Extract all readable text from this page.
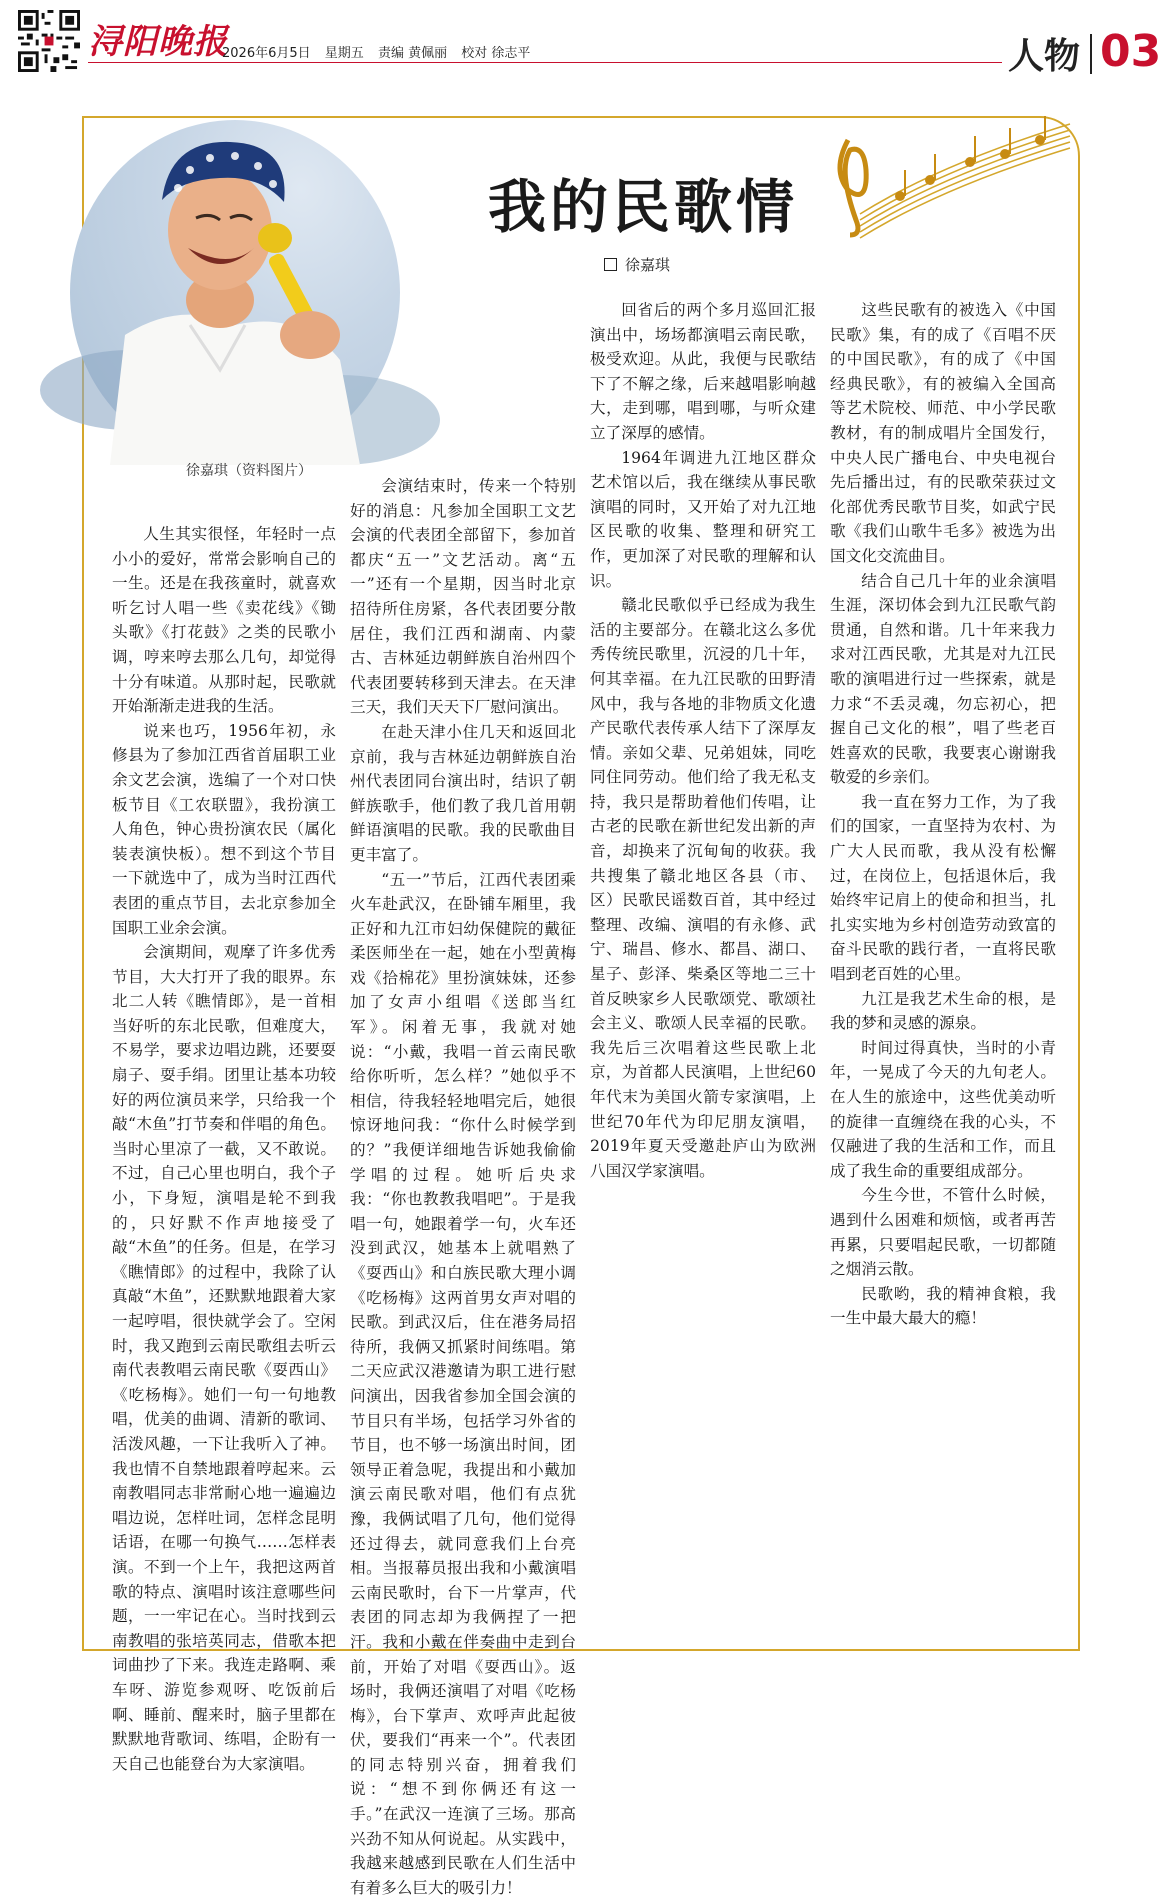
浔阳晚报
2026年6月5日 星期五 责编 黄佩丽 校对 徐志平	人物 03
徐嘉琪（资料图片）
我的民歌情
徐嘉琪

人生其实很怪，年轻时一点小小的爱好，常常会影响自己的一生。还是在我孩童时，就喜欢听乞讨人唱一些《卖花线》《锄头歌》《打花鼓》之类的民歌小调，哼来哼去那么几句，却觉得十分有味道。从那时起，民歌就开始渐渐走进我的生活。

说来也巧，1956年初，永修县为了参加江西省首届职工业余文艺会演，选编了一个对口快板节目《工农联盟》，我扮演工人角色，钟心贵扮演农民（属化装表演快板）。想不到这个节目一下就选中了，成为当时江西代表团的重点节目，去北京参加全国职工业余会演。

会演期间，观摩了许多优秀节目，大大打开了我的眼界。东北二人转《瞧情郎》，是一首相当好听的东北民歌，但难度大，不易学，要求边唱边跳，还要耍扇子、耍手绢。团里让基本功较好的两位演员来学，只给我一个敲“木鱼”打节奏和伴唱的角色。当时心里凉了一截，又不敢说。不过，自己心里也明白，我个子小，下身短，演唱是轮不到我的，只好默不作声地接受了敲“木鱼”的任务。但是，在学习《瞧情郎》的过程中，我除了认真敲“木鱼”，还默默地跟着大家一起哼唱，很快就学会了。空闲时，我又跑到云南民歌组去听云南代表教唱云南民歌《耍西山》《吃杨梅》。她们一句一句地教唱，优美的曲调、清新的歌词、活泼风趣，一下让我听入了神。我也情不自禁地跟着哼起来。云南教唱同志非常耐心地一遍遍边唱边说，怎样吐词，怎样念昆明话语，在哪一句换气……怎样表演。不到一个上午，我把这两首歌的特点、演唱时该注意哪些问题，一一牢记在心。当时找到云南教唱的张培英同志，借歌本把词曲抄了下来。我连走路啊、乘车呀、游览参观呀、吃饭前后啊、睡前、醒来时，脑子里都在默默地背歌词、练唱，企盼有一天自己也能登台为大家演唱。

会演结束时，传来一个特别好的消息：凡参加全国职工文艺会演的代表团全部留下，参加首都庆“五一”文艺活动。离“五一”还有一个星期，因当时北京招待所住房紧，各代表团要分散居住，我们江西和湖南、内蒙古、吉林延边朝鲜族自治州四个代表团要转移到天津去。在天津三天，我们天天下厂慰问演出。

在赴天津小住几天和返回北京前，我与吉林延边朝鲜族自治州代表团同台演出时，结识了朝鲜族歌手，他们教了我几首用朝鲜语演唱的民歌。我的民歌曲目更丰富了。

“五一”节后，江西代表团乘火车赴武汉，在卧铺车厢里，我正好和九江市妇幼保健院的戴征柔医师坐在一起，她在小型黄梅戏《拾棉花》里扮演妹妹，还参加了女声小组唱《送郎当红军》。闲着无事，我就对她说：“小戴，我唱一首云南民歌给你听听，怎么样？”她似乎不相信，待我轻轻地唱完后，她很惊讶地问我：“你什么时候学到的？”我便详细地告诉她我偷偷学唱的过程。她听后央求我：“你也教教我唱吧”。于是我唱一句，她跟着学一句，火车还没到武汉，她基本上就唱熟了《耍西山》和白族民歌大理小调《吃杨梅》这两首男女声对唱的民歌。到武汉后，住在港务局招待所，我俩又抓紧时间练唱。第二天应武汉港邀请为职工进行慰问演出，因我省参加全国会演的节目只有半场，包括学习外省的节目，也不够一场演出时间，团领导正着急呢，我提出和小戴加演云南民歌对唱，他们有点犹豫，我俩试唱了几句，他们觉得还过得去，就同意我们上台亮相。当报幕员报出我和小戴演唱云南民歌时，台下一片掌声，代表团的同志却为我俩捏了一把汗。我和小戴在伴奏曲中走到台前，开始了对唱《耍西山》。返场时，我俩还演唱了对唱《吃杨梅》，台下掌声、欢呼声此起彼伏，要我们“再来一个”。代表团的同志特别兴奋，拥着我们说：“想不到你俩还有这一手。”在武汉一连演了三场。那高兴劲不知从何说起。从实践中，我越来越感到民歌在人们生活中有着多么巨大的吸引力！

回省后的两个多月巡回汇报演出中，场场都演唱云南民歌，极受欢迎。从此，我便与民歌结下了不解之缘，后来越唱影响越大，走到哪，唱到哪，与听众建立了深厚的感情。

1964年调进九江地区群众艺术馆以后，我在继续从事民歌演唱的同时，又开始了对九江地区民歌的收集、整理和研究工作，更加深了对民歌的理解和认识。

赣北民歌似乎已经成为我生活的主要部分。在赣北这么多优秀传统民歌里，沉浸的几十年，何其幸福。在九江民歌的田野清风中，我与各地的非物质文化遗产民歌代表传承人结下了深厚友情。亲如父辈、兄弟姐妹，同吃同住同劳动。他们给了我无私支持，我只是帮助着他们传唱，让古老的民歌在新世纪发出新的声音，却换来了沉甸甸的收获。我共搜集了赣北地区各县（市、区）民歌民谣数百首，其中经过整理、改编、演唱的有永修、武宁、瑞昌、修水、都昌、湖口、星子、彭泽、柴桑区等地二三十首反映家乡人民歌颂党、歌颂社会主义、歌颂人民幸福的民歌。我先后三次唱着这些民歌上北京，为首都人民演唱，上世纪60年代末为美国火箭专家演唱，上世纪70年代为印尼朋友演唱，2019年夏天受邀赴庐山为欧洲八国汉学家演唱。

这些民歌有的被选入《中国民歌》集，有的成了《百唱不厌的中国民歌》，有的成了《中国经典民歌》，有的被编入全国高等艺术院校、师范、中小学民歌教材，有的制成唱片全国发行，中央人民广播电台、中央电视台先后播出过，有的民歌荣获过文化部优秀民歌节目奖，如武宁民歌《我们山歌牛毛多》被选为出国文化交流曲目。

结合自己几十年的业余演唱生涯，深切体会到九江民歌气韵贯通，自然和谐。几十年来我力求对江西民歌，尤其是对九江民歌的演唱进行过一些探索，就是力求“不丢灵魂，勿忘初心，把握自己文化的根”，唱了些老百姓喜欢的民歌，我要衷心谢谢我敬爱的乡亲们。

我一直在努力工作，为了我们的国家，一直坚持为农村、为广大人民而歌，我从没有松懈过，在岗位上，包括退休后，我始终牢记肩上的使命和担当，扎扎实实地为乡村创造劳动致富的奋斗民歌的践行者，一直将民歌唱到老百姓的心里。

九江是我艺术生命的根，是我的梦和灵感的源泉。

时间过得真快，当时的小青年，一晃成了今天的九旬老人。在人生的旅途中，这些优美动听的旋律一直缠绕在我的心头，不仅融进了我的生活和工作，而且成了我生命的重要组成部分。

今生今世，不管什么时候，遇到什么困难和烦恼，或者再苦再累，只要唱起民歌，一切都随之烟消云散。

民歌哟，我的精神食粮，我一生中最大最大的瘾！
